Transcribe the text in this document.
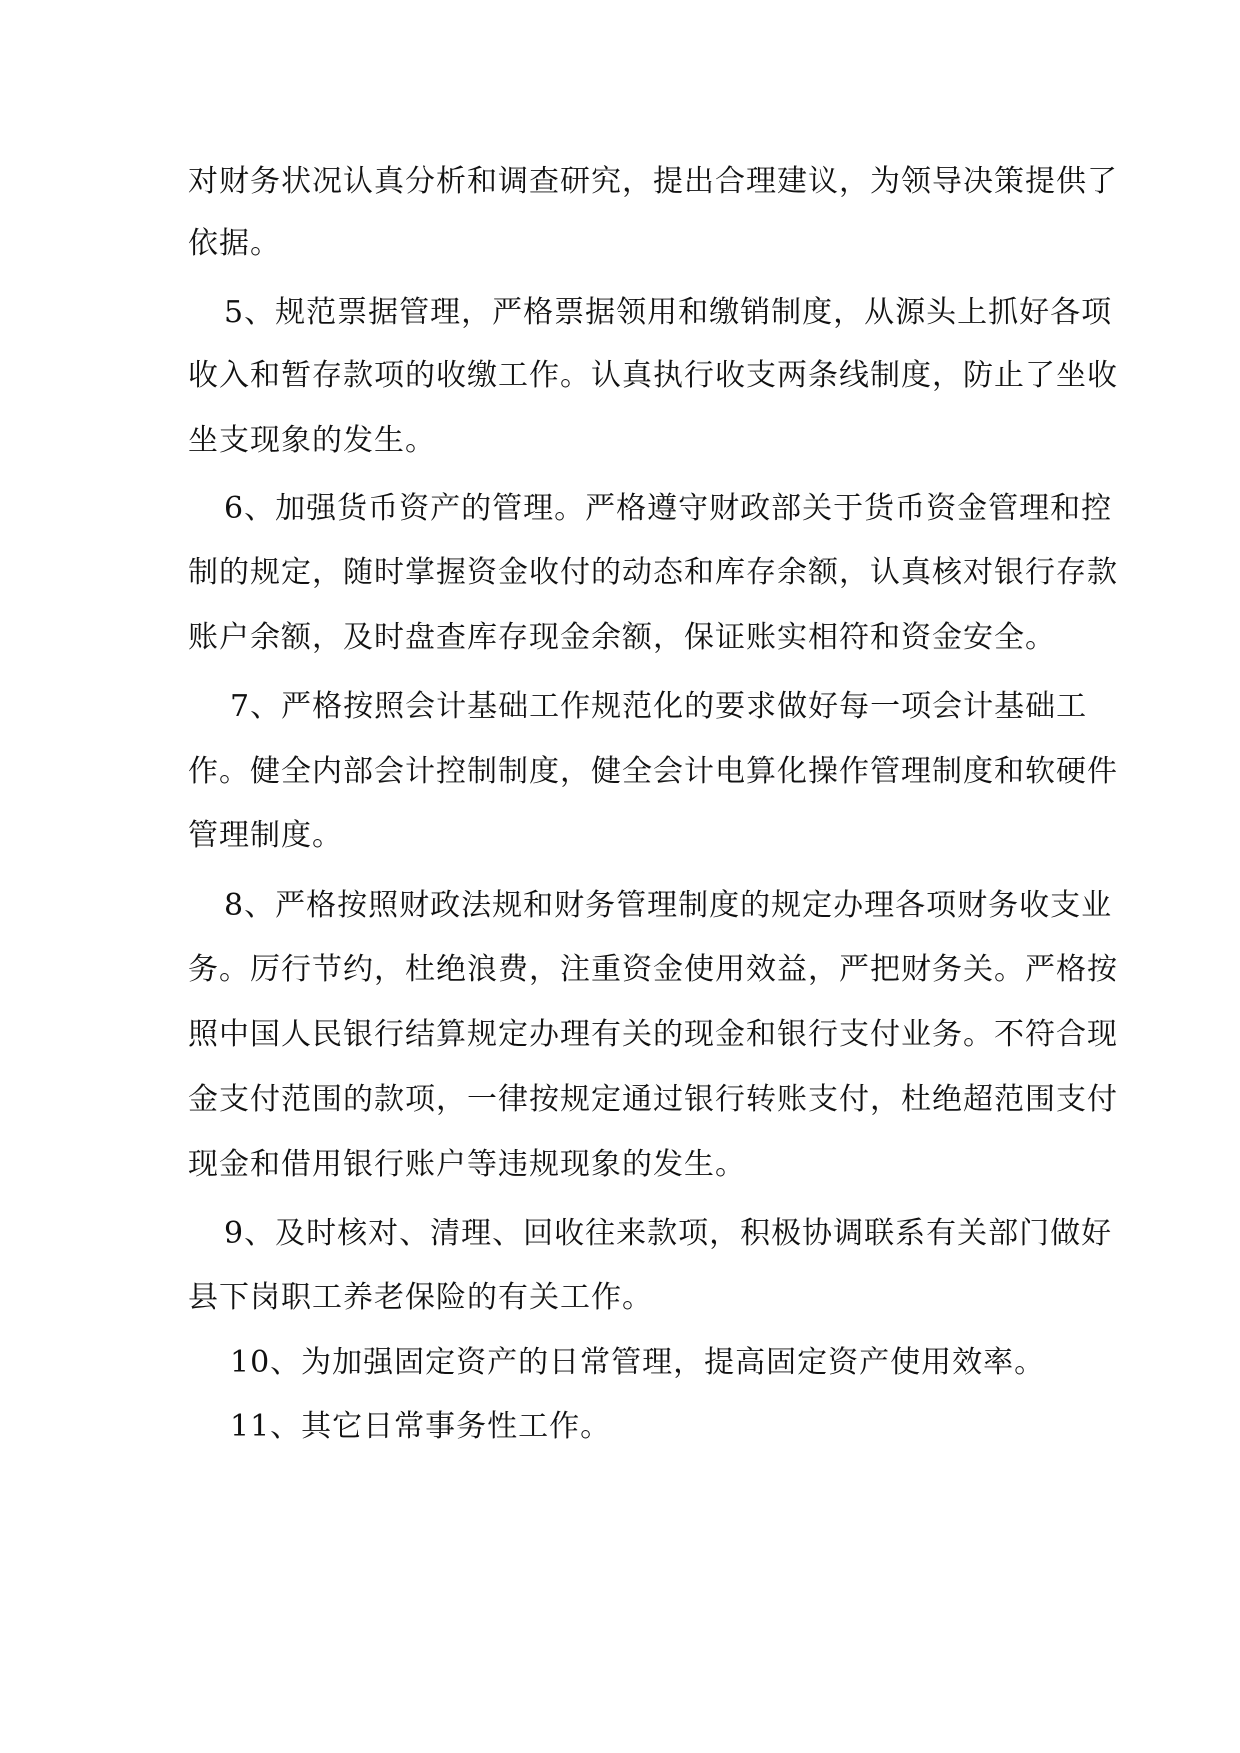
对财务状况认真分析和调查研究，提出合理建议，为领导决策提供了
依据。
5、规范票据管理，严格票据领用和缴销制度，从源头上抓好各项
收入和暂存款项的收缴工作。认真执行收支两条线制度，防止了坐收
坐支现象的发生。
6、加强货币资产的管理。严格遵守财政部关于货币资金管理和控
制的规定，随时掌握资金收付的动态和库存余额，认真核对银行存款
账户余额，及时盘查库存现金余额，保证账实相符和资金安全。
7、严格按照会计基础工作规范化的要求做好每一项会计基础工
作。健全内部会计控制制度，健全会计电算化操作管理制度和软硬件
管理制度。
8、严格按照财政法规和财务管理制度的规定办理各项财务收支业
务。厉行节约，杜绝浪费，注重资金使用效益，严把财务关。严格按
照中国人民银行结算规定办理有关的现金和银行支付业务。不符合现
金支付范围的款项，一律按规定通过银行转账支付，杜绝超范围支付
现金和借用银行账户等违规现象的发生。
9、及时核对、清理、回收往来款项，积极协调联系有关部门做好
县下岗职工养老保险的有关工作。
10、为加强固定资产的日常管理，提高固定资产使用效率。
11、其它日常事务性工作。
